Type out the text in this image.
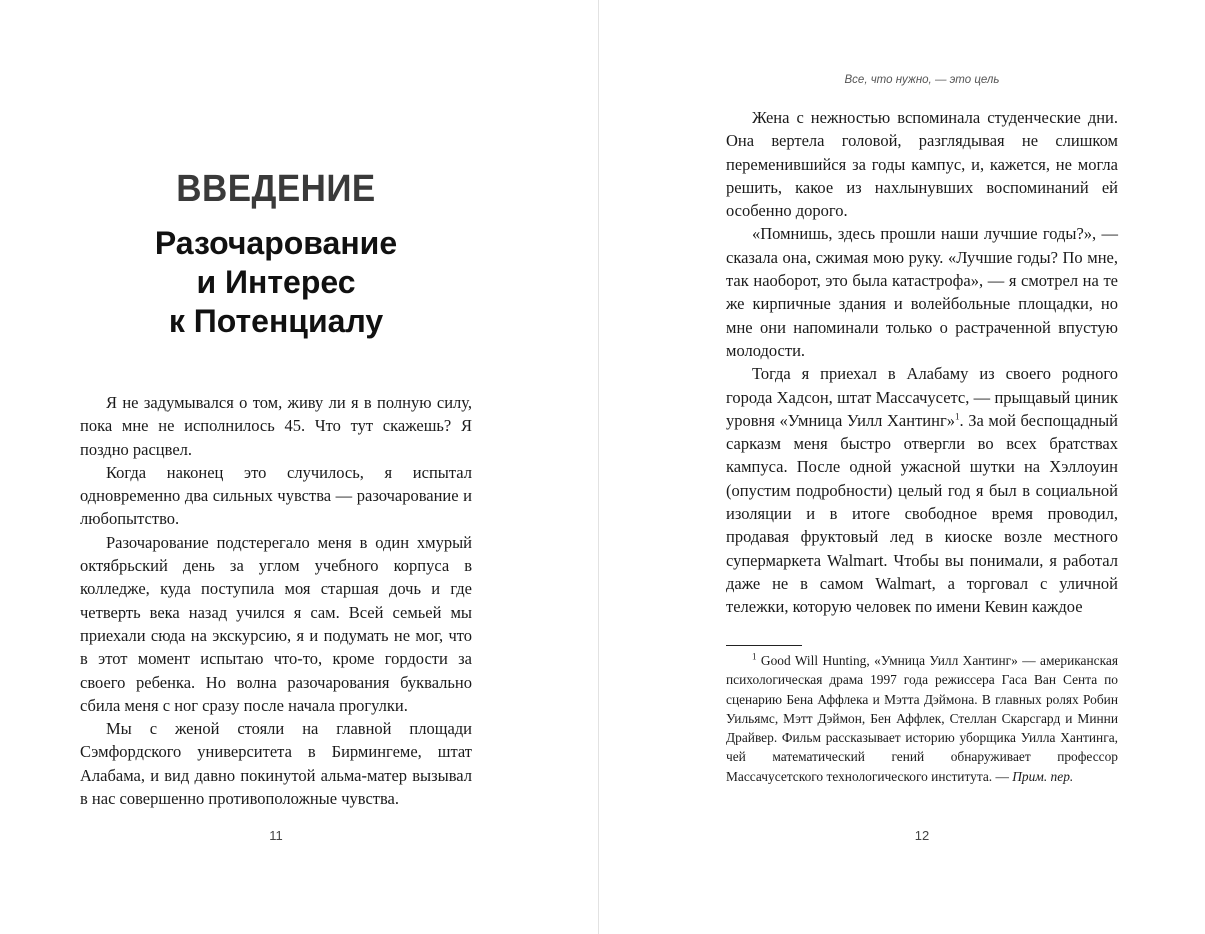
ВВЕДЕНИЕ
Разочарование
и Интерес
к Потенциалу

Я не задумывался о том, живу ли я в полную силу, пока мне не исполнилось 45. Что тут скажешь? Я поздно расцвел.

Когда наконец это случилось, я испытал одновременно два сильных чувства — разочарование и любопытство.

Разочарование подстерегало меня в один хмурый октябрьский день за углом учебного корпуса в колледже, куда поступила моя старшая дочь и где четверть века назад учился я сам. Всей семьей мы приехали сюда на экскурсию, я и подумать не мог, что в этот момент испытаю что-то, кроме гордости за своего ребенка. Но волна разочарования буквально сбила меня с ног сразу после начала прогулки.

Мы с женой стояли на главной площади Сэмфордского университета в Бирмингеме, штат Алабама, и вид давно покинутой альма-матер вызывал в нас совершенно противоположные чувства.

11
Все, что нужно, — это цель

Жена с нежностью вспоминала студенческие дни. Она вертела головой, разглядывая не слишком переменившийся за годы кампус, и, кажется, не могла решить, какое из нахлынувших воспоминаний ей особенно дорого.

«Помнишь, здесь прошли наши лучшие годы?», — сказала она, сжимая мою руку. «Лучшие годы? По мне, так наоборот, это была катастрофа», — я смотрел на те же кирпичные здания и волейбольные площадки, но мне они напоминали только о растраченной впустую молодости.

Тогда я приехал в Алабаму из своего родного города Хадсон, штат Массачусетс, — прыщавый циник уровня «Умница Уилл Хантинг»$^1$. За мой беспощадный сарказм меня быстро отвергли во всех братствах кампуса. После одной ужасной шутки на Хэллоуин (опустим подробности) целый год я был в социальной изоляции и в итоге свободное время проводил, продавая фруктовый лед в киоске возле местного супермаркета Walmart. Чтобы вы понимали, я работал даже не в самом Walmart, а торговал с уличной тележки, которую человек по имени Кевин каждое

$^1$ Good Will Hunting, «Умница Уилл Хантинг» — американская психологическая драма 1997 года режиссера Гаса Ван Сента по сценарию Бена Аффлека и Мэтта Дэймона. В главных ролях Робин Уильямс, Мэтт Дэймон, Бен Аффлек, Стеллан Скарсгард и Минни Драйвер. Фильм рассказывает историю уборщика Уилла Хантинга, чей математический гений обнаруживает профессор Массачусетского технологического института. — Прим. пер.

12
